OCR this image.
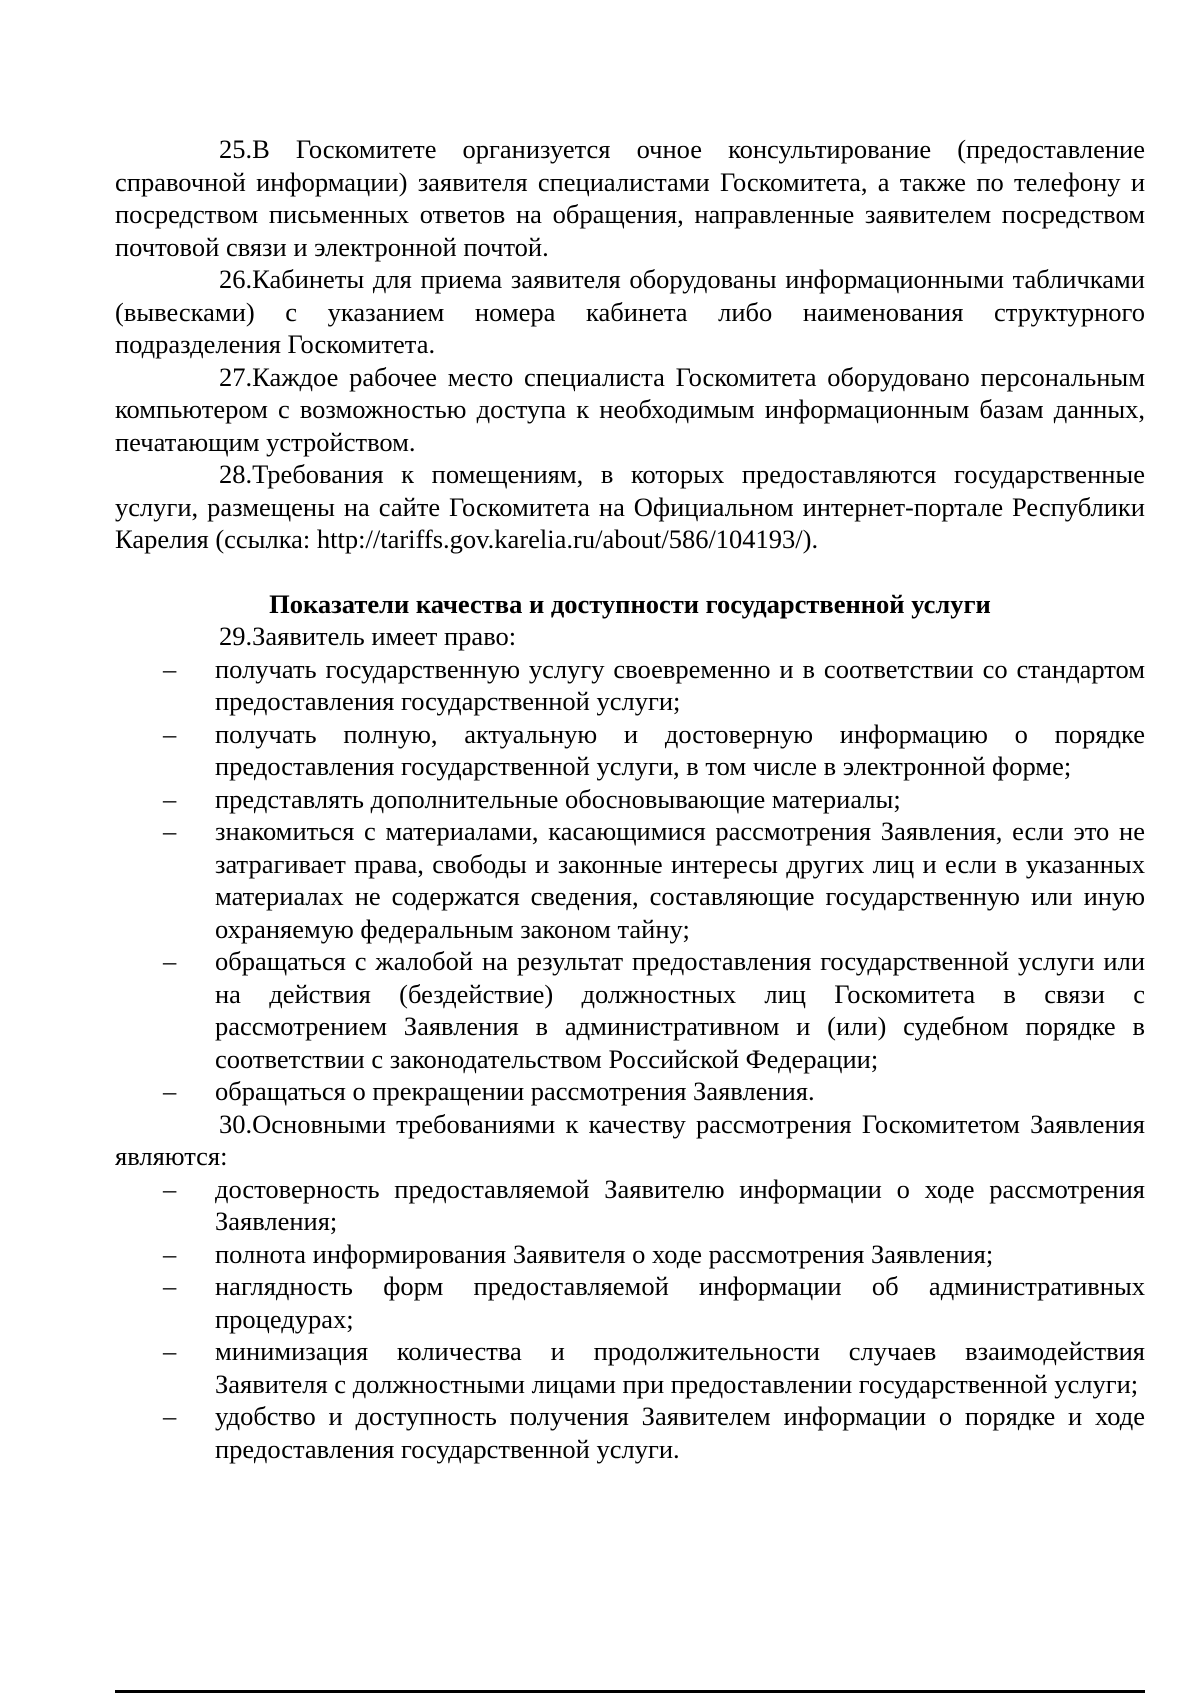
25.В Госкомитете организуется очное консультирование (предоставление справочной информации) заявителя специалистами Госкомитета, а также по телефону и посредством письменных ответов на обращения, направленные заявителем посредством почтовой связи и электронной почтой.

26.Кабинеты для приема заявителя оборудованы информационными табличками (вывесками) с указанием номера кабинета либо наименования структурного подразделения Госкомитета.

27.Каждое рабочее место специалиста Госкомитета оборудовано персональным компьютером с возможностью доступа к необходимым информационным базам данных, печатающим устройством.

28.Требования к помещениям, в которых предоставляются государственные услуги, размещены на сайте Госкомитета на Официальном интернет-портале Республики Карелия (ссылка: http://tariffs.gov.karelia.ru/about/586/104193/).

Показатели качества и доступности государственной услуги

29.Заявитель имеет право:

– получать государственную услугу своевременно и в соответствии со стандартом предоставления государственной услуги;

– получать полную, актуальную и достоверную информацию о порядке предоставления государственной услуги, в том числе в электронной форме;

– представлять дополнительные обосновывающие материалы;

– знакомиться с материалами, касающимися рассмотрения Заявления, если это не затрагивает права, свободы и законные интересы других лиц и если в указанных материалах не содержатся сведения, составляющие государственную или иную охраняемую федеральным законом тайну;

– обращаться с жалобой на результат предоставления государственной услуги или на действия (бездействие) должностных лиц Госкомитета в связи с рассмотрением Заявления в административном и (или) судебном порядке в соответствии с законодательством Российской Федерации;

– обращаться о прекращении рассмотрения Заявления.

30.Основными требованиями к качеству рассмотрения Госкомитетом Заявления являются:

– достоверность предоставляемой Заявителю информации о ходе рассмотрения Заявления;

– полнота информирования Заявителя о ходе рассмотрения Заявления;

– наглядность форм предоставляемой информации об административных процедурах;

– минимизация количества и продолжительности случаев взаимодействия Заявителя с должностными лицами при предоставлении государственной услуги;

– удобство и доступность получения Заявителем информации о порядке и ходе предоставления государственной услуги.
